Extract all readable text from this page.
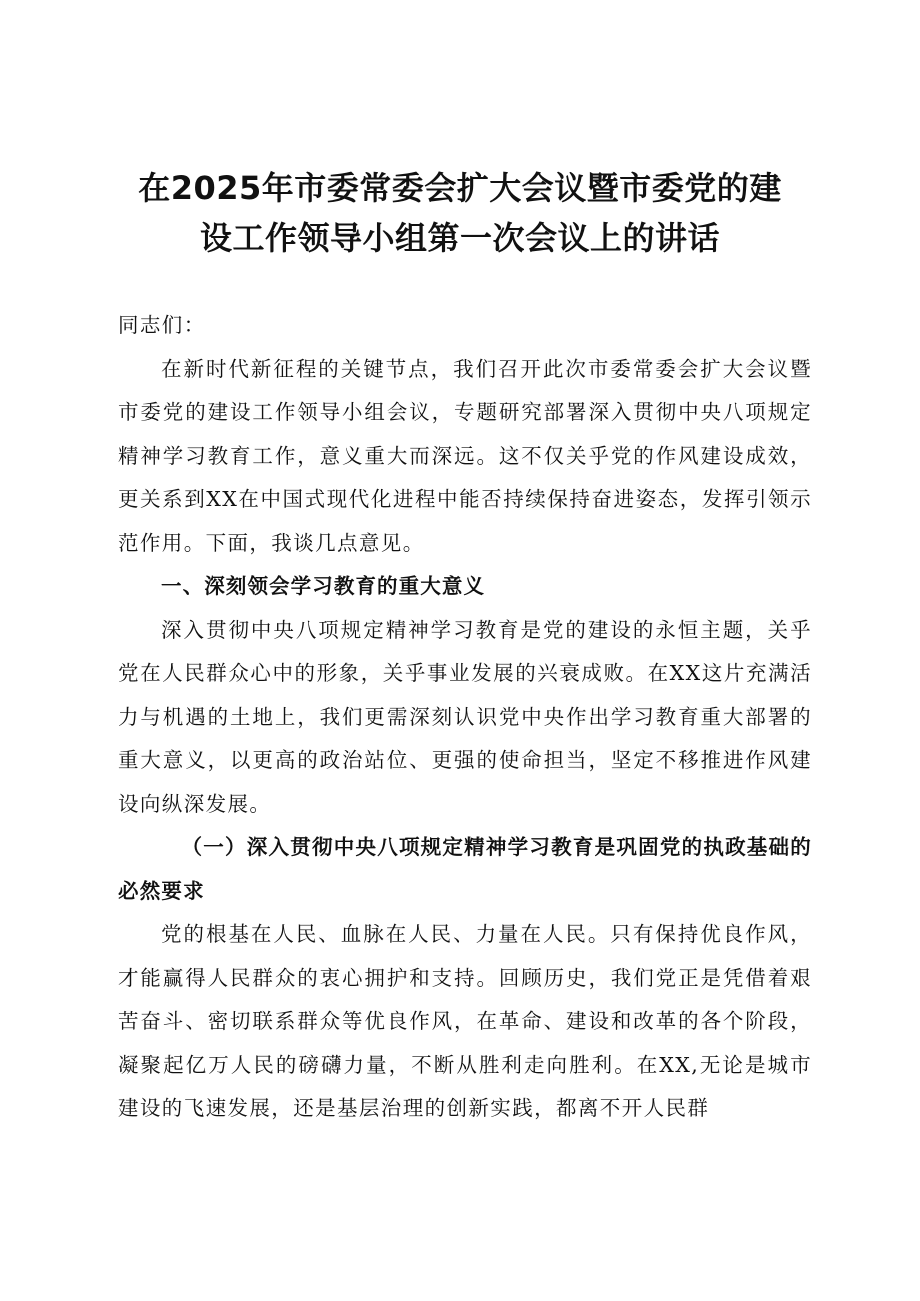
在2025年市委常委会扩大会议暨市委党的建
设工作领导小组第一次会议上的讲话

同志们：

在新时代新征程的关键节点，我们召开此次市委常委会扩大会议暨市委党的建设工作领导小组会议，专题研究部署深入贯彻中央八项规定精神学习教育工作，意义重大而深远。这不仅关乎党的作风建设成效，更关系到XX在中国式现代化进程中能否持续保持奋进姿态，发挥引领示范作用。下面，我谈几点意见。

一、深刻领会学习教育的重大意义

深入贯彻中央八项规定精神学习教育是党的建设的永恒主题，关乎党在人民群众心中的形象，关乎事业发展的兴衰成败。在XX这片充满活力与机遇的土地上，我们更需深刻认识党中央作出学习教育重大部署的重大意义，以更高的政治站位、更强的使命担当，坚定不移推进作风建设向纵深发展。

（一）深入贯彻中央八项规定精神学习教育是巩固党的执政基础的必然要求

党的根基在人民、血脉在人民、力量在人民。只有保持优良作风，才能赢得人民群众的衷心拥护和支持。回顾历史，我们党正是凭借着艰苦奋斗、密切联系群众等优良作风，在革命、建设和改革的各个阶段，凝聚起亿万人民的磅礴力量，不断从胜利走向胜利。在XX,无论是城市建设的飞速发展，还是基层治理的创新实践，都离不开人民群
